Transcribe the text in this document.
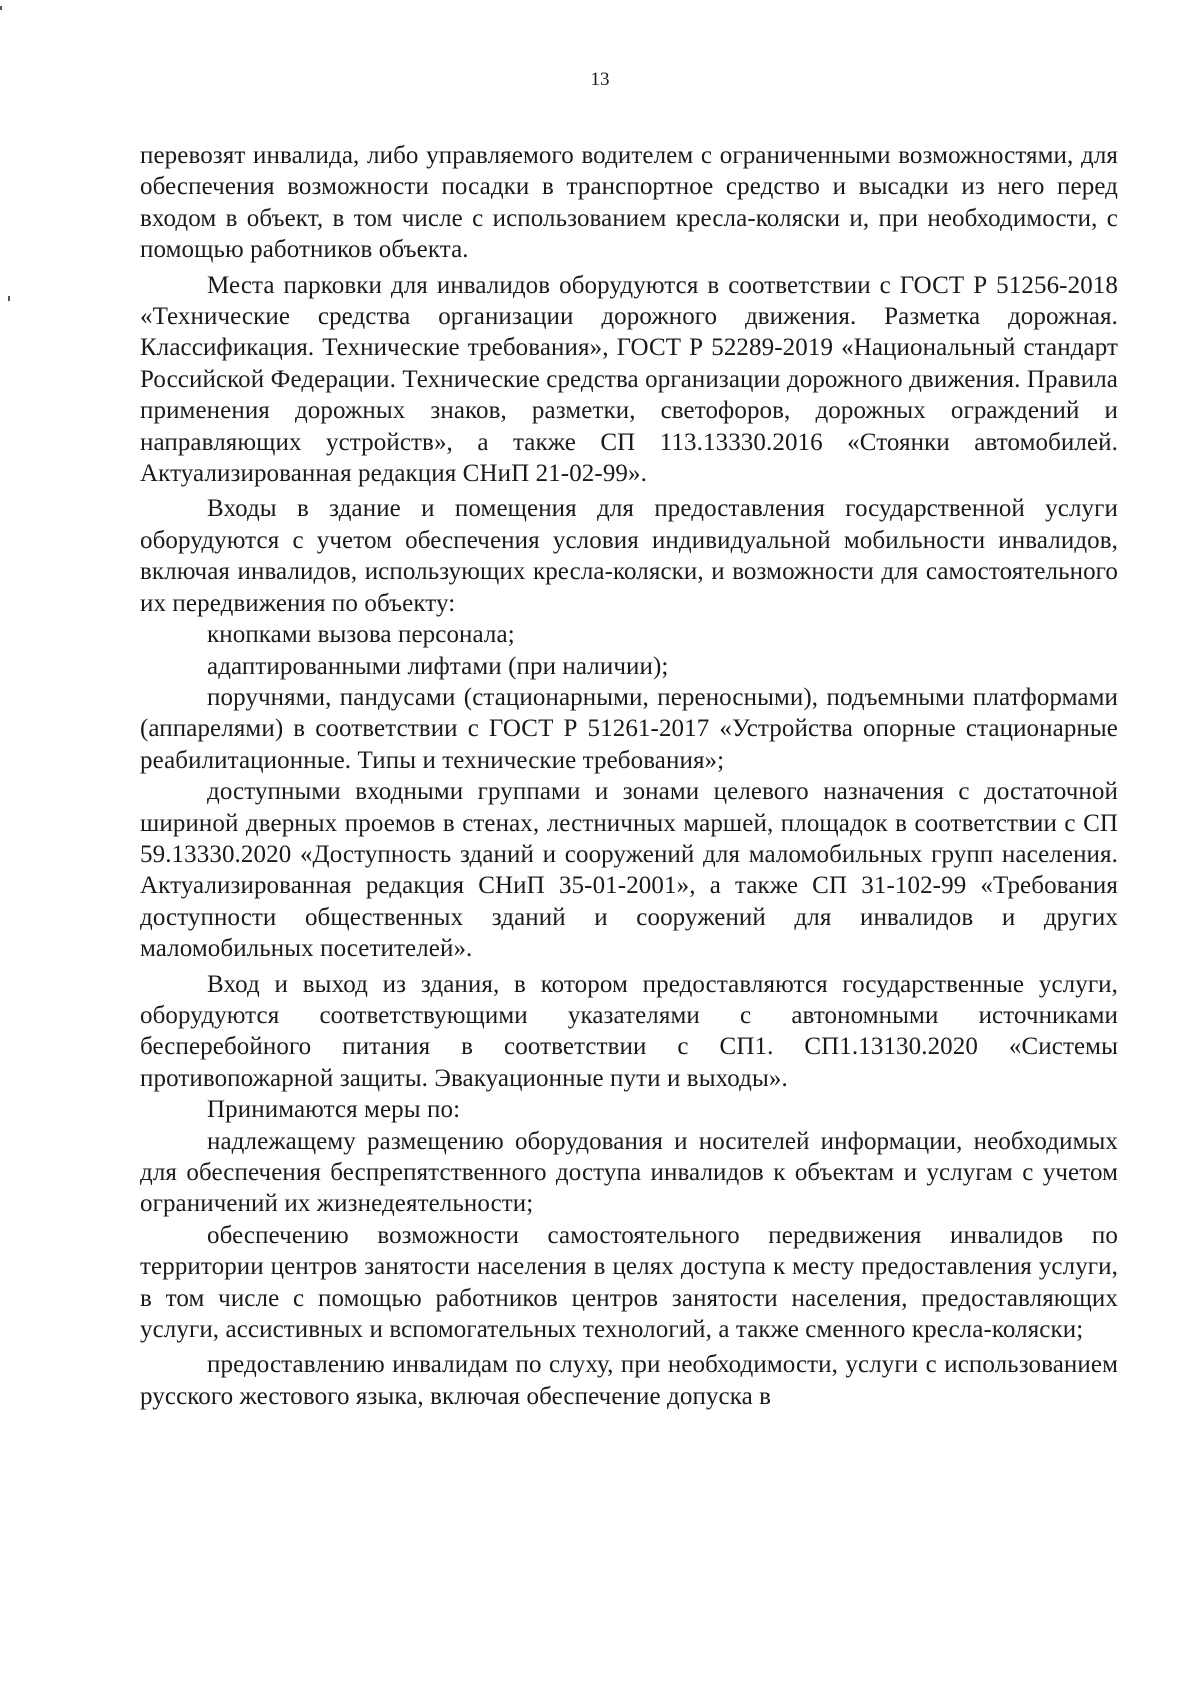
13

перевозят инвалида, либо управляемого водителем с ограниченными возможностями, для обеспечения возможности посадки в транспортное средство и высадки из него перед входом в объект, в том числе с использованием кресла-коляски и, при необходимости, с помощью работников объекта.

Места парковки для инвалидов оборудуются в соответствии с ГОСТ Р 51256-2018 «Технические средства организации дорожного движения. Разметка дорожная. Классификация. Технические требования», ГОСТ Р 52289-2019 «Национальный стандарт Российской Федерации. Технические средства организации дорожного движения. Правила применения дорожных знаков, разметки, светофоров, дорожных ограждений и направляющих устройств», а также СП 113.13330.2016 «Стоянки автомобилей. Актуализированная редакция СНиП 21-02-99».

Входы в здание и помещения для предоставления государственной услуги оборудуются с учетом обеспечения условия индивидуальной мобильности инвалидов, включая инвалидов, использующих кресла-коляски, и возможности для самостоятельного их передвижения по объекту:

кнопками вызова персонала;

адаптированными лифтами (при наличии);

поручнями, пандусами (стационарными, переносными), подъемными платформами (аппарелями) в соответствии с ГОСТ Р 51261-2017 «Устройства опорные стационарные реабилитационные. Типы и технические требования»;

доступными входными группами и зонами целевого назначения с достаточной шириной дверных проемов в стенах, лестничных маршей, площадок в соответствии с СП 59.13330.2020 «Доступность зданий и сооружений для маломобильных групп населения. Актуализированная редакция СНиП 35-01-2001», а также СП 31-102-99 «Требования доступности общественных зданий и сооружений для инвалидов и других маломобильных посетителей».

Вход и выход из здания, в котором предоставляются государственные услуги, оборудуются соответствующими указателями с автономными источниками бесперебойного питания в соответствии с СП1. СП1.13130.2020 «Системы противопожарной защиты. Эвакуационные пути и выходы».

Принимаются меры по:

надлежащему размещению оборудования и носителей информации, необходимых для обеспечения беспрепятственного доступа инвалидов к объектам и услугам с учетом ограничений их жизнедеятельности;

обеспечению возможности самостоятельного передвижения инвалидов по территории центров занятости населения в целях доступа к месту предоставления услуги, в том числе с помощью работников центров занятости населения, предоставляющих услуги, ассистивных и вспомогательных технологий, а также сменного кресла-коляски;

предоставлению инвалидам по слуху, при необходимости, услуги с использованием русского жестового языка, включая обеспечение допуска в
